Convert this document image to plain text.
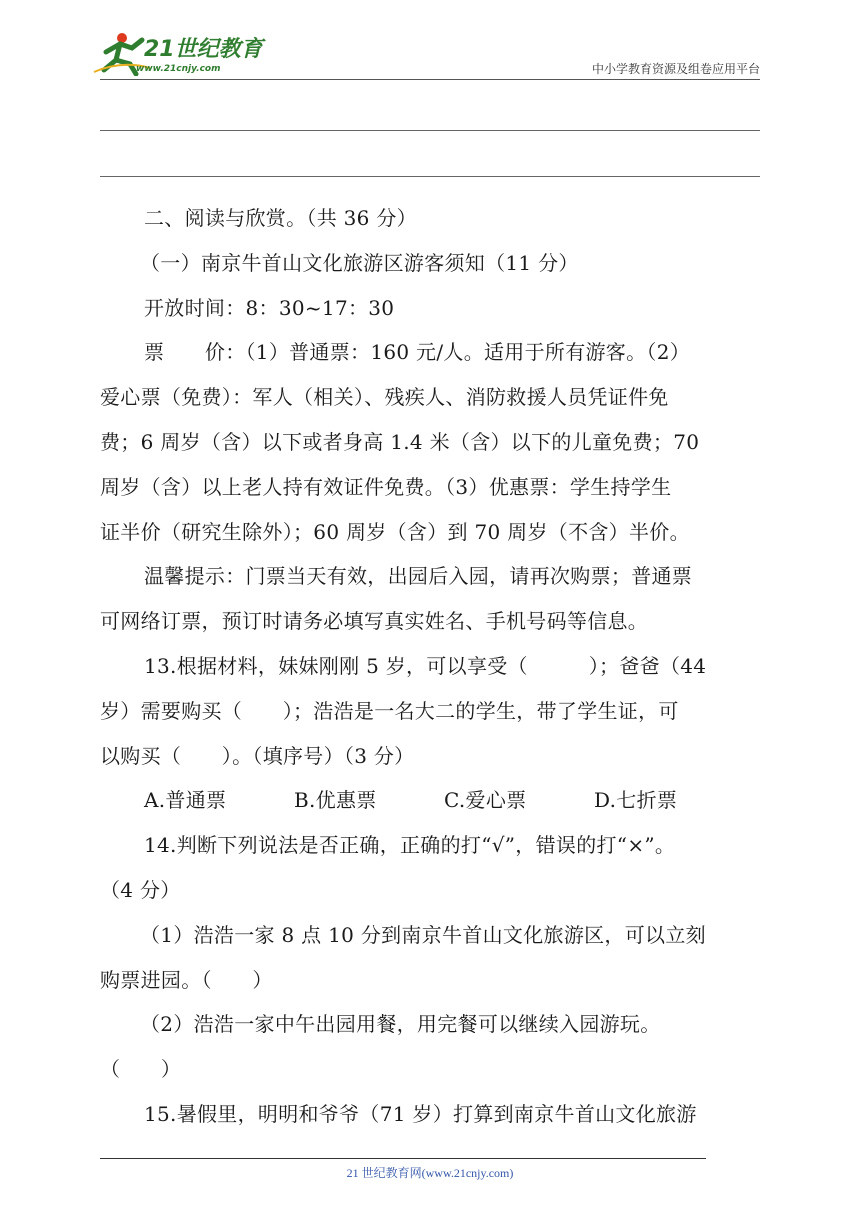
21世纪教育
www.21cnjy.com	中小学教育资源及组卷应用平台
二、阅读与欣赏。（共 36 分）
（一）南京牛首山文化旅游区游客须知（11 分）
开放时间：8：30~17：30
票　　价：（1）普通票：160 元/人。适用于所有游客。（2）
爱心票（免费）：军人（相关）、残疾人、消防救援人员凭证件免
费；6 周岁（含）以下或者身高 1.4 米（含）以下的儿童免费；70
周岁（含）以上老人持有效证件免费。（3）优惠票：学生持学生
证半价（研究生除外）；60 周岁（含）到 70 周岁（不含）半价。
温馨提示：门票当天有效，出园后入园，请再次购票；普通票
可网络订票，预订时请务必填写真实姓名、手机号码等信息。
13.根据材料，妹妹刚刚 5 岁，可以享受（　　　）；爸爸（44
岁）需要购买（　　）；浩浩是一名大二的学生，带了学生证，可
以购买（　　）。（填序号）（3 分）
A.普通票	B.优惠票	C.爱心票	D.七折票
14.判断下列说法是否正确，正确的打“√”，错误的打“×”。
（4 分）
（1）浩浩一家 8 点 10 分到南京牛首山文化旅游区，可以立刻
购票进园。（　　）
（2）浩浩一家中午出园用餐，用完餐可以继续入园游玩。
（　　）
15.暑假里，明明和爷爷（71 岁）打算到南京牛首山文化旅游
21 世纪教育网(www.21cnjy.com)
